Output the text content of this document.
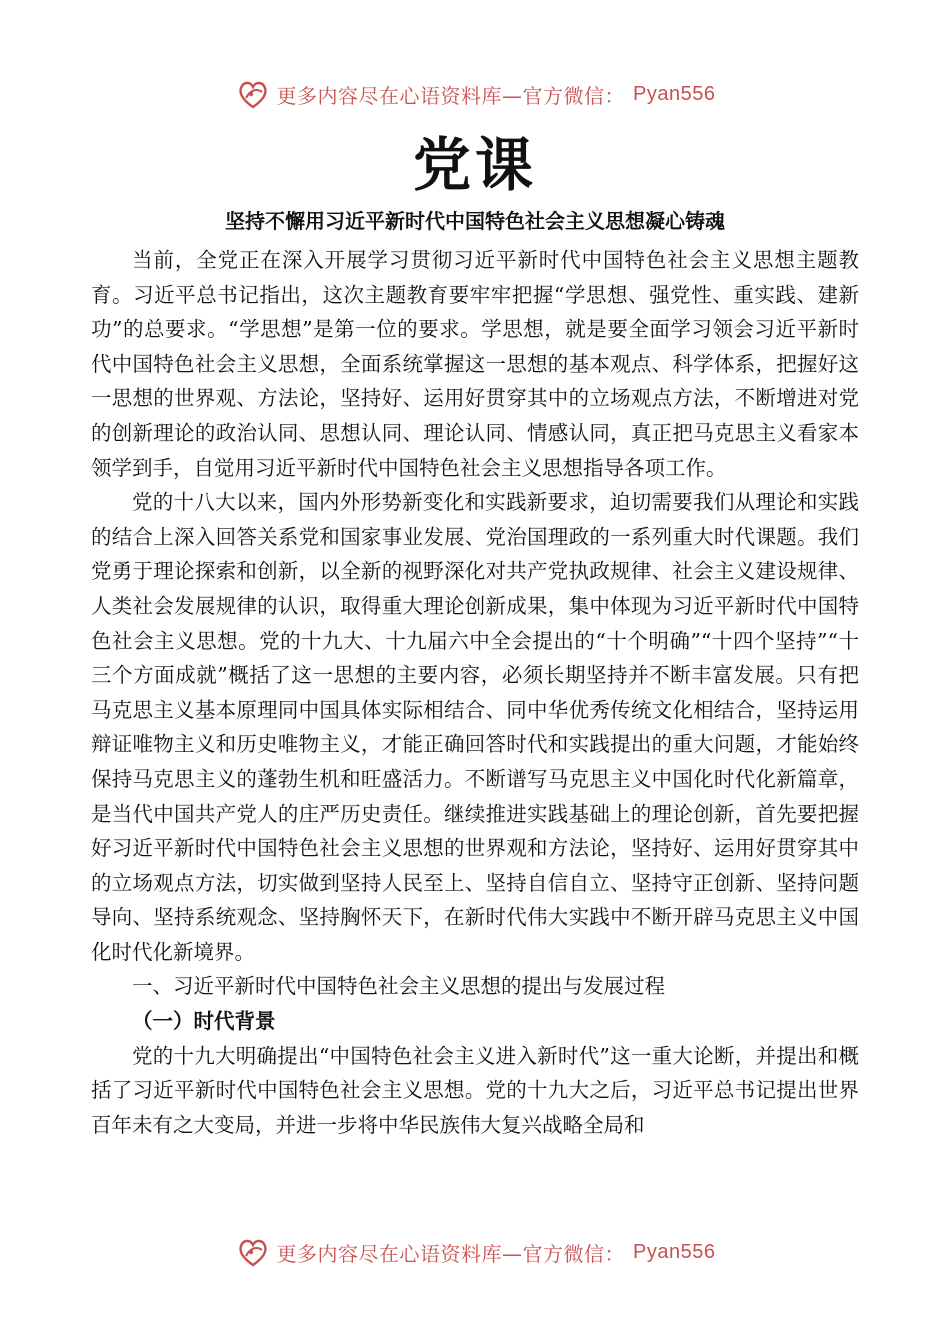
更多内容尽在心语资料库—官方微信： Pyan556
党课
坚持不懈用习近平新时代中国特色社会主义思想凝心铸魂

当前，全党正在深入开展学习贯彻习近平新时代中国特色社会主义思想主题教育。习近平总书记指出，这次主题教育要牢牢把握“学思想、强党性、重实践、建新功”的总要求。“学思想”是第一位的要求。学思想，就是要全面学习领会习近平新时代中国特色社会主义思想，全面系统掌握这一思想的基本观点、科学体系，把握好这一思想的世界观、方法论，坚持好、运用好贯穿其中的立场观点方法，不断增进对党的创新理论的政治认同、思想认同、理论认同、情感认同，真正把马克思主义看家本领学到手，自觉用习近平新时代中国特色社会主义思想指导各项工作。

党的十八大以来，国内外形势新变化和实践新要求，迫切需要我们从理论和实践的结合上深入回答关系党和国家事业发展、党治国理政的一系列重大时代课题。我们党勇于理论探索和创新，以全新的视野深化对共产党执政规律、社会主义建设规律、人类社会发展规律的认识，取得重大理论创新成果，集中体现为习近平新时代中国特色社会主义思想。党的十九大、十九届六中全会提出的“十个明确”“十四个坚持”“十三个方面成就”概括了这一思想的主要内容，必须长期坚持并不断丰富发展。只有把马克思主义基本原理同中国具体实际相结合、同中华优秀传统文化相结合，坚持运用辩证唯物主义和历史唯物主义，才能正确回答时代和实践提出的重大问题，才能始终保持马克思主义的蓬勃生机和旺盛活力。不断谱写马克思主义中国化时代化新篇章，是当代中国共产党人的庄严历史责任。继续推进实践基础上的理论创新，首先要把握好习近平新时代中国特色社会主义思想的世界观和方法论，坚持好、运用好贯穿其中的立场观点方法，切实做到坚持人民至上、坚持自信自立、坚持守正创新、坚持问题导向、坚持系统观念、坚持胸怀天下，在新时代伟大实践中不断开辟马克思主义中国化时代化新境界。

一、习近平新时代中国特色社会主义思想的提出与发展过程

（一）时代背景

党的十九大明确提出“中国特色社会主义进入新时代”这一重大论断，并提出和概括了习近平新时代中国特色社会主义思想。党的十九大之后，习近平总书记提出世界百年未有之大变局，并进一步将中华民族伟大复兴战略全局和

更多内容尽在心语资料库—官方微信： Pyan556
